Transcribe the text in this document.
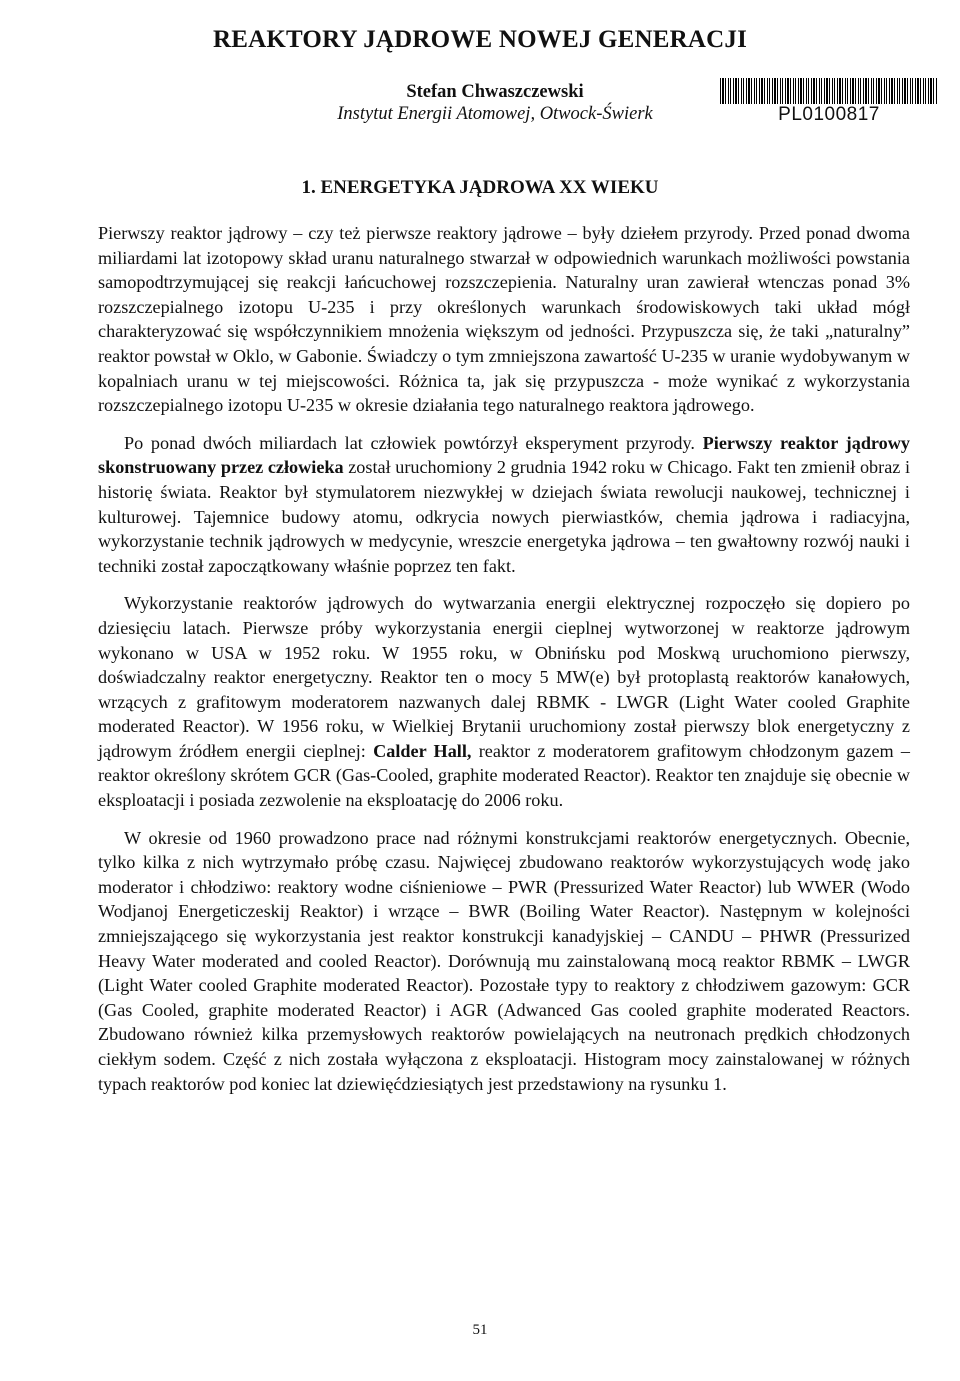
REAKTORY JĄDROWE NOWEJ GENERACJI
Stefan Chwaszczewski
Instytut Energii Atomowej, Otwock-Świerk	PL0100817
1. ENERGETYKA JĄDROWA XX WIEKU

Pierwszy reaktor jądrowy – czy też pierwsze reaktory jądrowe – były dziełem przyrody. Przed ponad dwoma miliardami lat izotopowy skład uranu naturalnego stwarzał w odpowiednich warunkach możliwości powstania samopodtrzymującej się reakcji łańcuchowej rozszczepienia. Naturalny uran zawierał wtenczas ponad 3% rozszczepialnego izotopu U-235 i przy określonych warunkach środowiskowych taki układ mógł charakteryzować się współczynnikiem mnożenia większym od jedności. Przypuszcza się, że taki „naturalny” reaktor powstał w Oklo, w Gabonie. Świadczy o tym zmniejszona zawartość U-235 w uranie wydobywanym w kopalniach uranu w tej miejscowości. Różnica ta, jak się przypuszcza - może wynikać z wykorzystania rozszczepialnego izotopu U-235 w okresie działania tego naturalnego reaktora jądrowego.

Po ponad dwóch miliardach lat człowiek powtórzył eksperyment przyrody. Pierwszy reaktor jądrowy skonstruowany przez człowieka został uruchomiony 2 grudnia 1942 roku w Chicago. Fakt ten zmienił obraz i historię świata. Reaktor był stymulatorem niezwykłej w dziejach świata rewolucji naukowej, technicznej i kulturowej. Tajemnice budowy atomu, odkrycia nowych pierwiastków, chemia jądrowa i radiacyjna, wykorzystanie technik jądrowych w medycynie, wreszcie energetyka jądrowa – ten gwałtowny rozwój nauki i techniki został zapoczątkowany właśnie poprzez ten fakt.

Wykorzystanie reaktorów jądrowych do wytwarzania energii elektrycznej rozpoczęło się dopiero po dziesięciu latach. Pierwsze próby wykorzystania energii cieplnej wytworzonej w reaktorze jądrowym wykonano w USA w 1952 roku. W 1955 roku, w Obnińsku pod Moskwą uruchomiono pierwszy, doświadczalny reaktor energetyczny. Reaktor ten o mocy 5 MW(e) był protoplastą reaktorów kanałowych, wrzących z grafitowym moderatorem nazwanych dalej RBMK - LWGR (Light Water cooled Graphite moderated Reactor). W 1956 roku, w Wielkiej Brytanii uruchomiony został pierwszy blok energetyczny z jądrowym źródłem energii cieplnej: Calder Hall, reaktor z moderatorem grafitowym chłodzonym gazem – reaktor określony skrótem GCR (Gas-Cooled, graphite moderated Reactor). Reaktor ten znajduje się obecnie w eksploatacji i posiada zezwolenie na eksploatację do 2006 roku.

W okresie od 1960 prowadzono prace nad różnymi konstrukcjami reaktorów energetycznych. Obecnie, tylko kilka z nich wytrzymało próbę czasu. Najwięcej zbudowano reaktorów wykorzystujących wodę jako moderator i chłodziwo: reaktory wodne ciśnieniowe – PWR (Pressurized Water Reactor) lub WWER (Wodo Wodjanoj Energeticzeskij Reaktor) i wrzące – BWR (Boiling Water Reactor). Następnym w kolejności zmniejszającego się wykorzystania jest reaktor konstrukcji kanadyjskiej – CANDU – PHWR (Pressurized Heavy Water moderated and cooled Reactor). Dorównują mu zainstalowaną mocą reaktor RBMK – LWGR (Light Water cooled Graphite moderated Reactor). Pozostałe typy to reaktory z chłodziwem gazowym: GCR (Gas Cooled, graphite moderated Reactor) i AGR (Adwanced Gas cooled graphite moderated Reactors. Zbudowano również kilka przemysłowych reaktorów powielających na neutronach prędkich chłodzonych ciekłym sodem. Część z nich została wyłączona z eksploatacji. Histogram mocy zainstalowanej w różnych typach reaktorów pod koniec lat dziewięćdziesiątych jest przedstawiony na rysunku 1.

51
